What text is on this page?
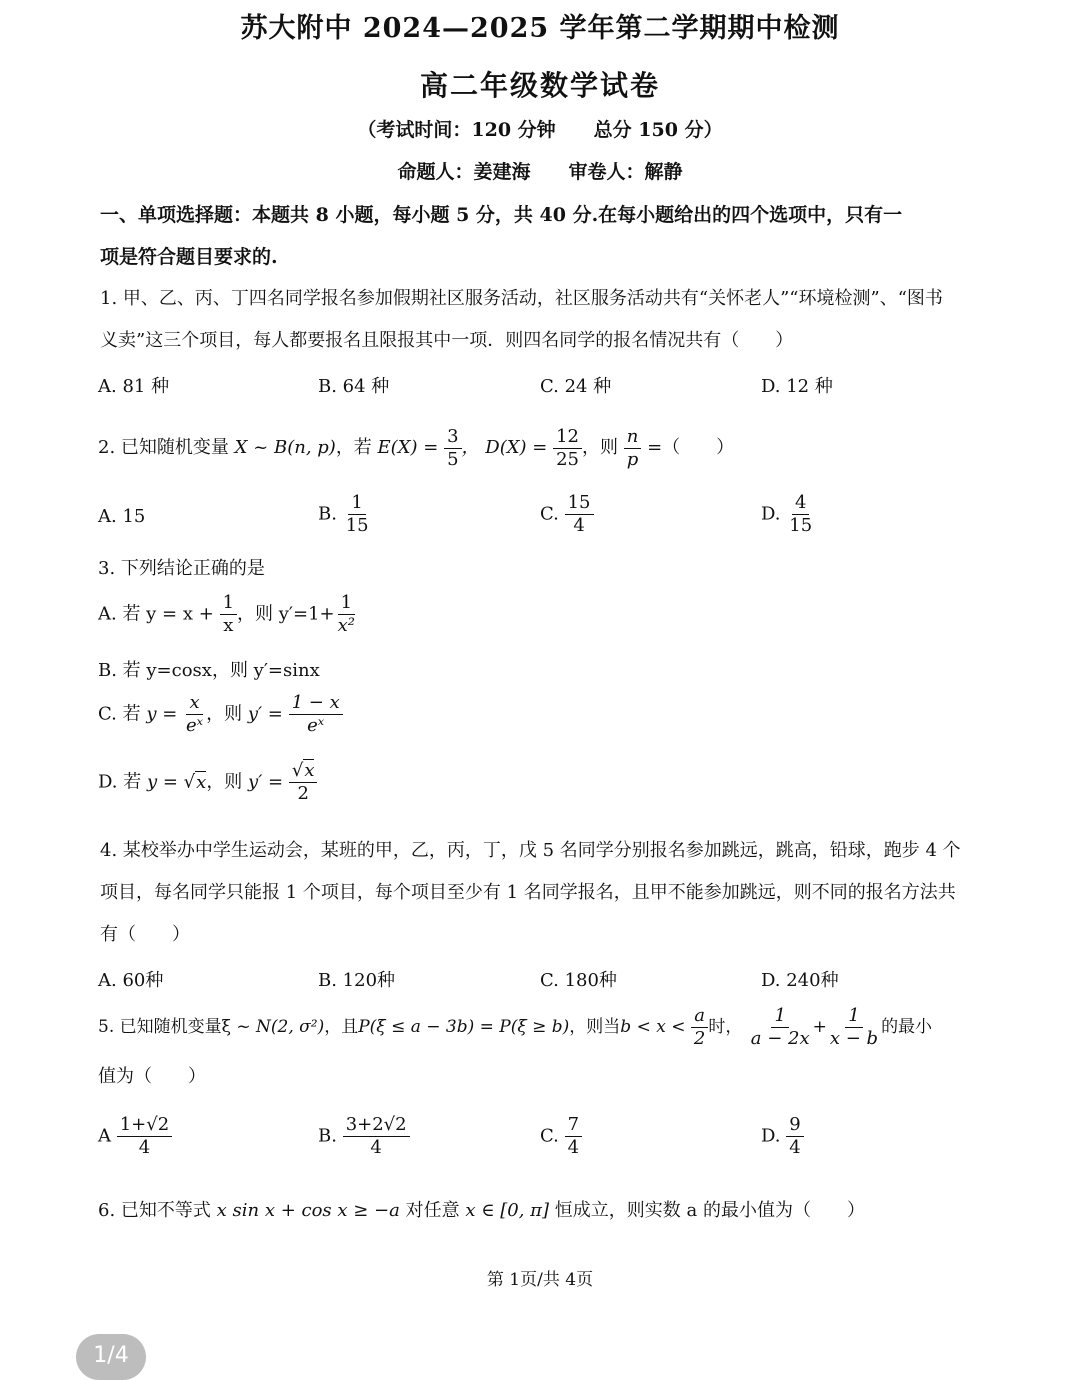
苏大附中 2024—2025 学年第二学期期中检测
高二年级数学试卷
（考试时间：120 分钟　　总分 150 分）
命题人：姜建海　　审卷人：解静
一、单项选择题：本题共 8 小题，每小题 5 分，共 40 分.在每小题给出的四个选项中，只有一
项是符合题目要求的.
1. 甲、乙、丙、丁四名同学报名参加假期社区服务活动，社区服务活动共有“关怀老人”“环境检测”、“图书
义卖”这三个项目，每人都要报名且限报其中一项．则四名同学的报名情况共有（　　）
A. 81 种	B. 64 种	C. 24 种	D. 12 种
2. 已知随机变量 X ~ B(n, p)，若 $E(X) = \frac{3}{5}$ ， $D(X) = \frac{12}{25}$ ，则 $\frac{n}{p}$ =（　　）
A. 15	B. $\frac{1}{15}$	C. $\frac{15}{4}$	D. $\frac{4}{15}$
3. 下列结论正确的是
A. 若 $y = x + \frac{1}{x}$ ，则 $y'=1+ \frac{1}{\text{x²}}$
B. 若 y=cosx，则 y′=sinx
C. 若 $y = \frac{x}{\text{eˣ}}$ ，则 $y' = \frac{1 - x}{\text{eˣ}}$
D. 若 y = √x，则 $y' = \frac{√x}{2}$
4. 某校举办中学生运动会，某班的甲，乙，丙，丁，戊 5 名同学分别报名参加跳远，跳高，铅球，跑步 4 个
项目，每名同学只能报 1 个项目，每个项目至少有 1 名同学报名，且甲不能参加跳远，则不同的报名方法共
有（　　）
A. 60种	B. 120种	C. 180种	D. 240种
5. 已知随机变量ξ ~ N(2, σ²)，且P(ξ ≤ a − 3b) = P(ξ ≥ b)，则当$b < x < \frac{a}{2}$ 时， $\frac{1}{a - 2x} + \frac{1}{x - b}$ 的最小
值为（　　）
A $\frac{1+√2}{4}$	B. $\frac{3+2√2}{4}$	C. $\frac{7}{4}$	D. $\frac{9}{4}$
6. 已知不等式 x sin x + cos x ≥ −a 对任意 x ∈ [0, π] 恒成立，则实数 a 的最小值为（　　）
第 1页/共 4页
1/4
